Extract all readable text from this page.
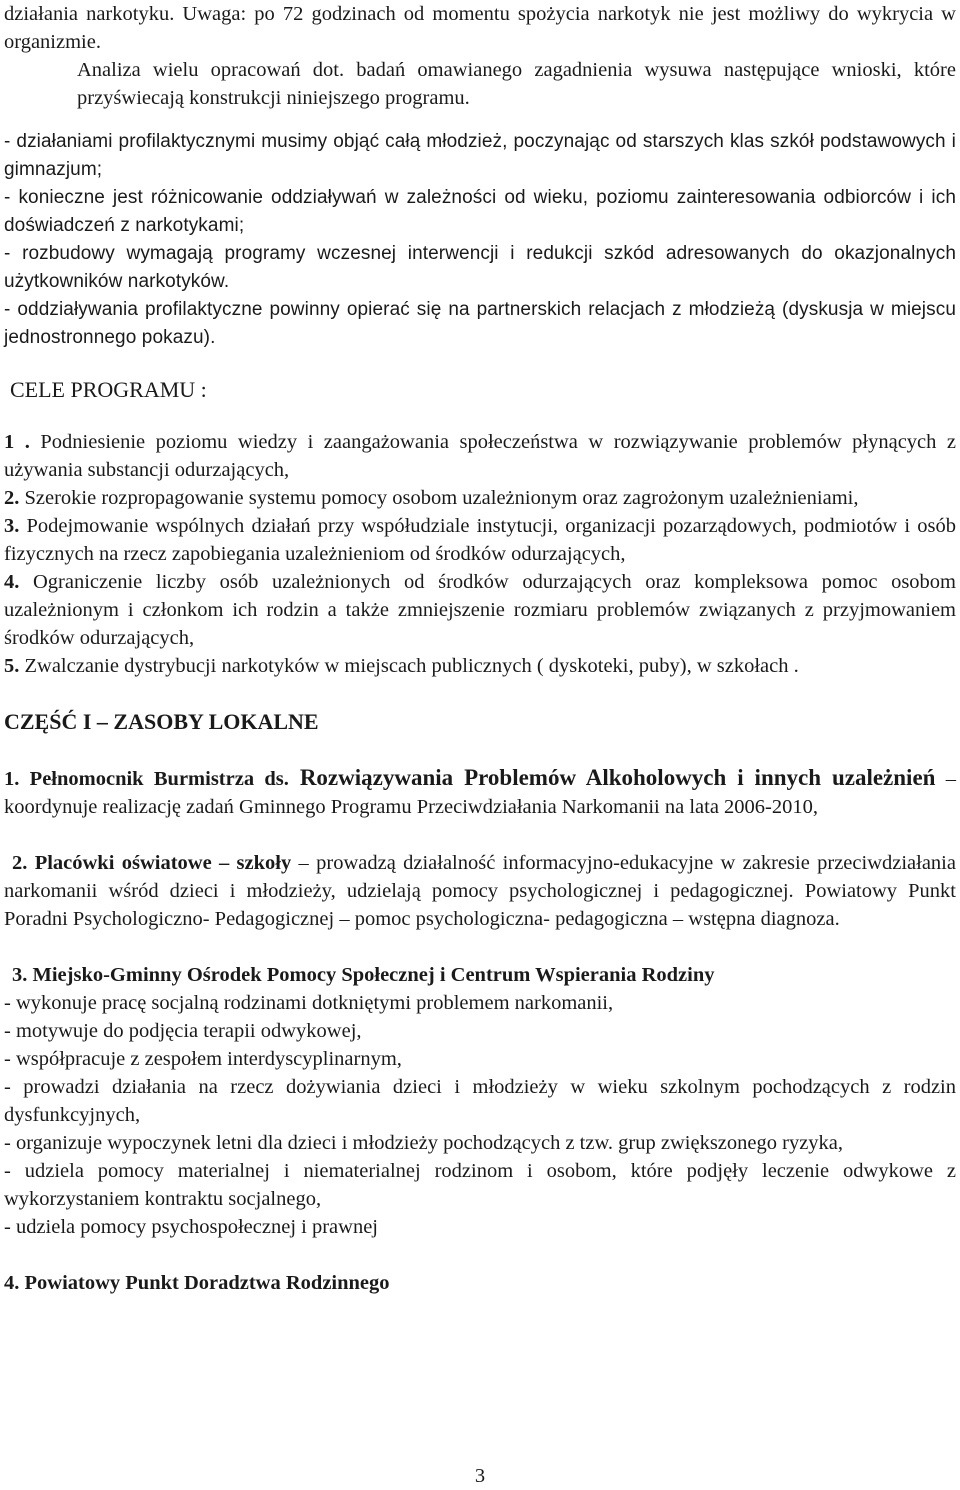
działania narkotyku. Uwaga: po 72 godzinach od momentu spożycia narkotyk nie jest możliwy do wykrycia w organizmie.

Analiza wielu opracowań dot. badań omawianego zagadnienia wysuwa następujące wnioski, które przyświecają konstrukcji niniejszego programu.

- działaniami profilaktycznymi musimy objąć całą młodzież, poczynając od starszych klas szkół podstawowych i gimnazjum;

- konieczne jest różnicowanie oddziaływań w zależności od wieku, poziomu zainteresowania odbiorców i ich doświadczeń z narkotykami;

- rozbudowy wymagają programy wczesnej interwencji i redukcji szkód adresowanych do okazjonalnych użytkowników narkotyków.

- oddziaływania profilaktyczne powinny opierać się na partnerskich relacjach z młodzieżą (dyskusja w miejscu jednostronnego pokazu).

CELE PROGRAMU :

1 . Podniesienie poziomu wiedzy i zaangażowania społeczeństwa w rozwiązywanie problemów płynących z używania substancji odurzających,

2. Szerokie rozpropagowanie systemu pomocy osobom uzależnionym oraz zagrożonym uzależnieniami,

3. Podejmowanie wspólnych działań przy współudziale instytucji, organizacji pozarządowych, podmiotów i osób fizycznych na rzecz zapobiegania uzależnieniom od środków odurzających,

4. Ograniczenie liczby osób uzależnionych od środków odurzających oraz kompleksowa pomoc osobom uzależnionym i członkom ich rodzin a także zmniejszenie rozmiaru problemów związanych z przyjmowaniem środków odurzających,

5. Zwalczanie dystrybucji narkotyków w miejscach publicznych ( dyskoteki, puby), w szkołach .

CZĘŚĆ I – ZASOBY LOKALNE

1. Pełnomocnik Burmistrza ds. Rozwiązywania Problemów Alkoholowych i innych uzależnień – koordynuje realizację zadań Gminnego Programu Przeciwdziałania Narkomanii na lata 2006-2010,

2. Placówki oświatowe – szkoły – prowadzą działalność informacyjno-edukacyjne w zakresie przeciwdziałania narkomanii wśród dzieci i młodzieży, udzielają pomocy psychologicznej i pedagogicznej. Powiatowy Punkt Poradni Psychologiczno- Pedagogicznej – pomoc psychologiczna- pedagogiczna – wstępna diagnoza.

3. Miejsko-Gminny Ośrodek Pomocy Społecznej i Centrum Wspierania Rodziny

- wykonuje pracę socjalną rodzinami dotkniętymi problemem narkomanii,

- motywuje do podjęcia terapii odwykowej,

- współpracuje z zespołem interdyscyplinarnym,

- prowadzi działania na rzecz dożywiania dzieci i młodzieży w wieku szkolnym pochodzących z rodzin dysfunkcyjnych,

- organizuje wypoczynek letni dla dzieci i młodzieży pochodzących z tzw. grup zwiększonego ryzyka,

- udziela pomocy materialnej i niematerialnej rodzinom i osobom, które podjęły leczenie odwykowe z wykorzystaniem kontraktu socjalnego,

- udziela pomocy psychospołecznej i prawnej

4. Powiatowy Punkt Doradztwa Rodzinnego

3
